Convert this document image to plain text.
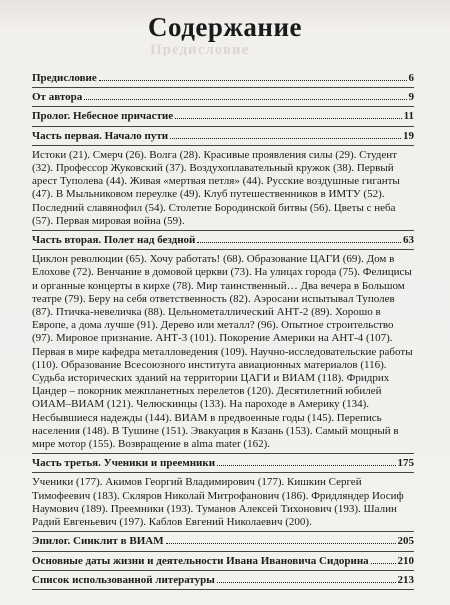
Предисловие
Содержание
Предисловие	6
От автора	9
Пролог. Небесное причастие	11
Часть первая. Начало пути	19

Истоки (21). Смерч (26). Волга (28). Красивые проявления силы (29). Студент (32). Профессор Жуковский (37). Воздухоплавательный кружок (38). Первый арест Туполева (44). Живая «мертвая петля» (44). Русские воздушные гиганты (47). В Мыльниковом переулке (49). Клуб путешественников в ИМТУ (52). Последний славянофил (54). Столетие Бородинской битвы (56). Цветы с неба (57). Первая мировая война (59).

Часть вторая. Полет над бездной	63

Циклон революции (65). Хочу работать! (68). Образование ЦАГИ (69). Дом в Елохове (72). Венчание в домовой церкви (73). На улицах города (75). Фелицисы и органные концерты в кирхе (78). Мир таинственный… Два вечера в Большом театре (79). Беру на себя ответственность (82). Аэросани испытывал Туполев (87). Птичка-невеличка (88). Цельнометаллический АНТ-2 (89). Хорошо в Европе, а дома лучше (91). Дерево или металл? (96). Опытное строительство (97). Мировое признание. АНТ-3 (101). Покорение Америки на АНТ-4 (107). Первая в мире кафедра металловедения (109). Научно-исследовательские работы (110). Образование Всесоюзного института авиационных материалов (116). Судьба исторических зданий на территории ЦАГИ и ВИАМ (118). Фридрих Цандер – покорник межпланетных перелетов (120). Десятилетний юбилей ОИАМ–ВИАМ (121). Челюскинцы (133). На пароходе в Америку (134). Несбывшиеся надежды (144). ВИАМ в предвоенные годы (145). Перепись населения (148). В Тушине (151). Эвакуация в Казань (153). Самый мощный в мире мотор (155). Возвращение в alma mater (162).

Часть третья. Ученики и преемники	175

Ученики (177). Акимов Георгий Владимирович (177). Кишкин Сергей Тимофеевич (183). Скляров Николай Митрофанович (186). Фридляндер Иосиф Наумович (189). Преемники (193). Туманов Алексей Тихонович (193). Шалин Радий Евгеньевич (197). Каблов Евгений Николаевич (200).

Эпилог. Синклит в ВИАМ	205
Основные даты жизни и деятельности Ивана Ивановича Сидорина	210
Список использованной литературы	213
